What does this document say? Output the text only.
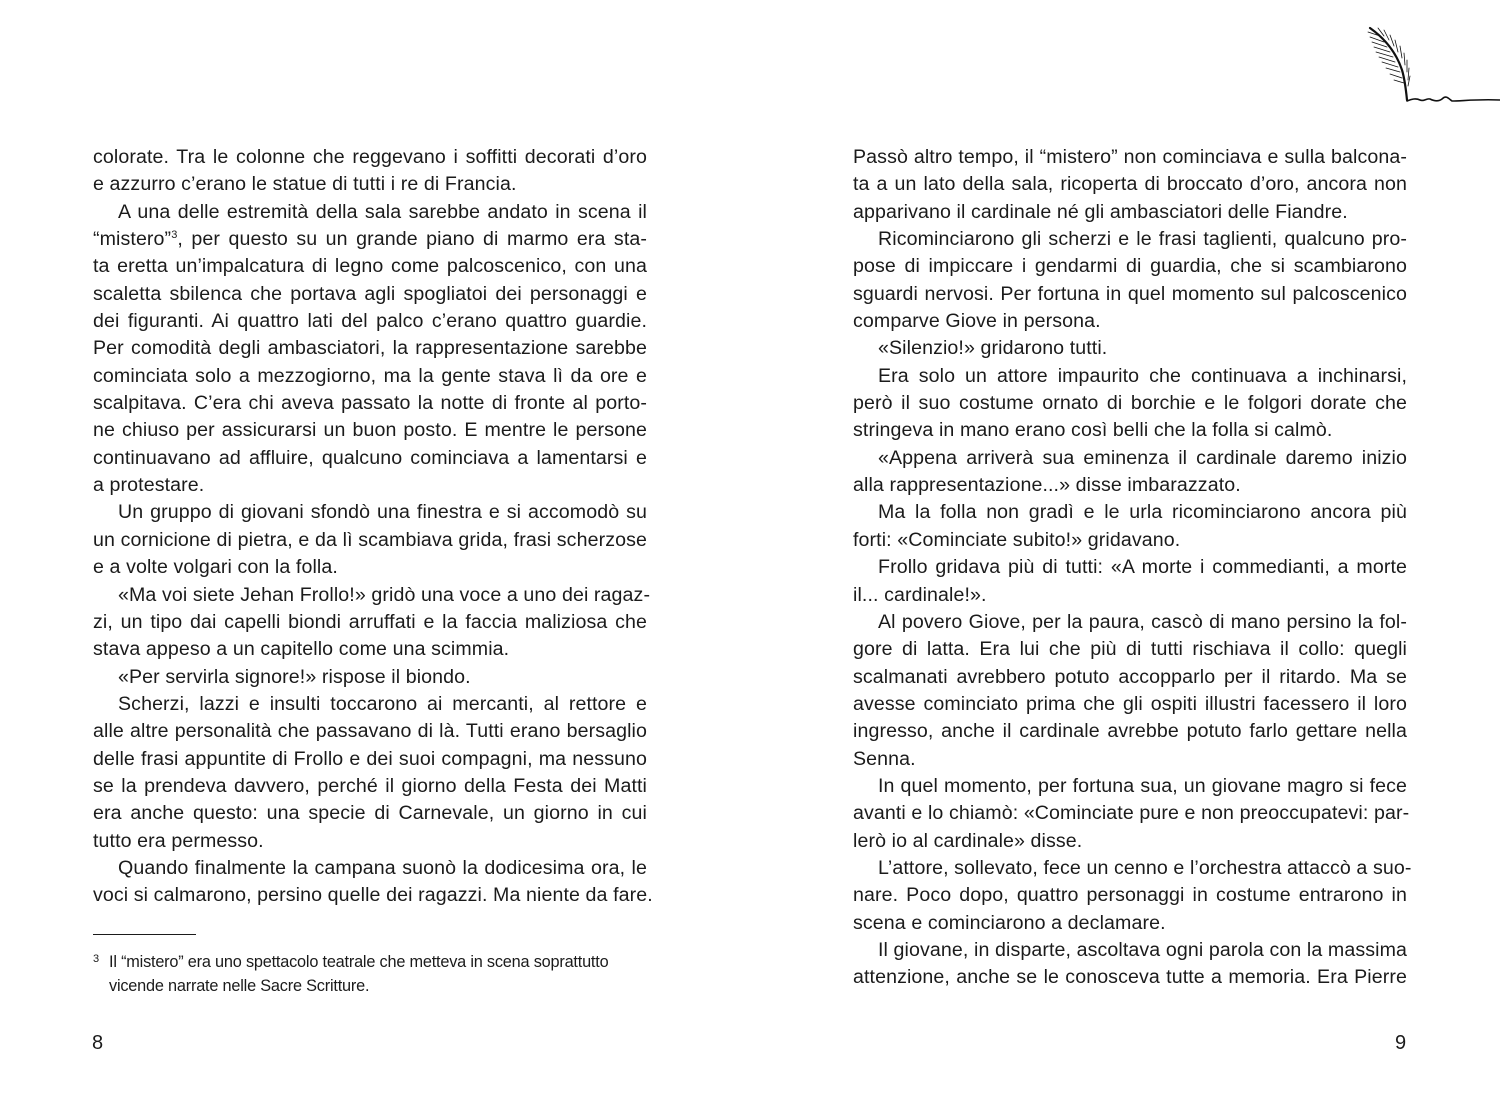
colorate. Tra le colonne che reggevano i soffitti decorati d’oro
e azzurro c’erano le statue di tutti i re di Francia.
A una delle estremità della sala sarebbe andato in scena il
“mistero”$^3$, per questo su un grande piano di marmo era sta-
ta eretta un’impalcatura di legno come palcoscenico, con una
scaletta sbilenca che portava agli spogliatoi dei personaggi e
dei figuranti. Ai quattro lati del palco c’erano quattro guardie.
Per comodità degli ambasciatori, la rappresentazione sarebbe
cominciata solo a mezzogiorno, ma la gente stava lì da ore e
scalpitava. C’era chi aveva passato la notte di fronte al porto-
ne chiuso per assicurarsi un buon posto. E mentre le persone
continuavano ad affluire, qualcuno cominciava a lamentarsi e
a protestare.
Un gruppo di giovani sfondò una finestra e si accomodò su
un cornicione di pietra, e da lì scambiava grida, frasi scherzose
e a volte volgari con la folla.
«Ma voi siete Jehan Frollo!» gridò una voce a uno dei ragaz-
zi, un tipo dai capelli biondi arruffati e la faccia maliziosa che
stava appeso a un capitello come una scimmia.
«Per servirla signore!» rispose il biondo.
Scherzi, lazzi e insulti toccarono ai mercanti, al rettore e
alle altre personalità che passavano di là. Tutti erano bersaglio
delle frasi appuntite di Frollo e dei suoi compagni, ma nessuno
se la prendeva davvero, perché il giorno della Festa dei Matti
era anche questo: una specie di Carnevale, un giorno in cui
tutto era permesso.
Quando finalmente la campana suonò la dodicesima ora, le
voci si calmarono, persino quelle dei ragazzi. Ma niente da fare.
3 Il “mistero” era uno spettacolo teatrale che metteva in scena soprattutto
vicende narrate nelle Sacre Scritture.
8
Passò altro tempo, il “mistero” non cominciava e sulla balcona-
ta a un lato della sala, ricoperta di broccato d’oro, ancora non
apparivano il cardinale né gli ambasciatori delle Fiandre.
Ricominciarono gli scherzi e le frasi taglienti, qualcuno pro-
pose di impiccare i gendarmi di guardia, che si scambiarono
sguardi nervosi. Per fortuna in quel momento sul palcoscenico
comparve Giove in persona.
«Silenzio!» gridarono tutti.
Era solo un attore impaurito che continuava a inchinarsi,
però il suo costume ornato di borchie e le folgori dorate che
stringeva in mano erano così belli che la folla si calmò.
«Appena arriverà sua eminenza il cardinale daremo inizio
alla rappresentazione...» disse imbarazzato.
Ma la folla non gradì e le urla ricominciarono ancora più
forti: «Cominciate subito!» gridavano.
Frollo gridava più di tutti: «A morte i commedianti, a morte
il... cardinale!».
Al povero Giove, per la paura, cascò di mano persino la fol-
gore di latta. Era lui che più di tutti rischiava il collo: quegli
scalmanati avrebbero potuto accopparlo per il ritardo. Ma se
avesse cominciato prima che gli ospiti illustri facessero il loro
ingresso, anche il cardinale avrebbe potuto farlo gettare nella
Senna.
In quel momento, per fortuna sua, un giovane magro si fece
avanti e lo chiamò: «Cominciate pure e non preoccupatevi: par-
lerò io al cardinale» disse.
L’attore, sollevato, fece un cenno e l’orchestra attaccò a suo-
nare. Poco dopo, quattro personaggi in costume entrarono in
scena e cominciarono a declamare.
Il giovane, in disparte, ascoltava ogni parola con la massima
attenzione, anche se le conosceva tutte a memoria. Era Pierre
9
